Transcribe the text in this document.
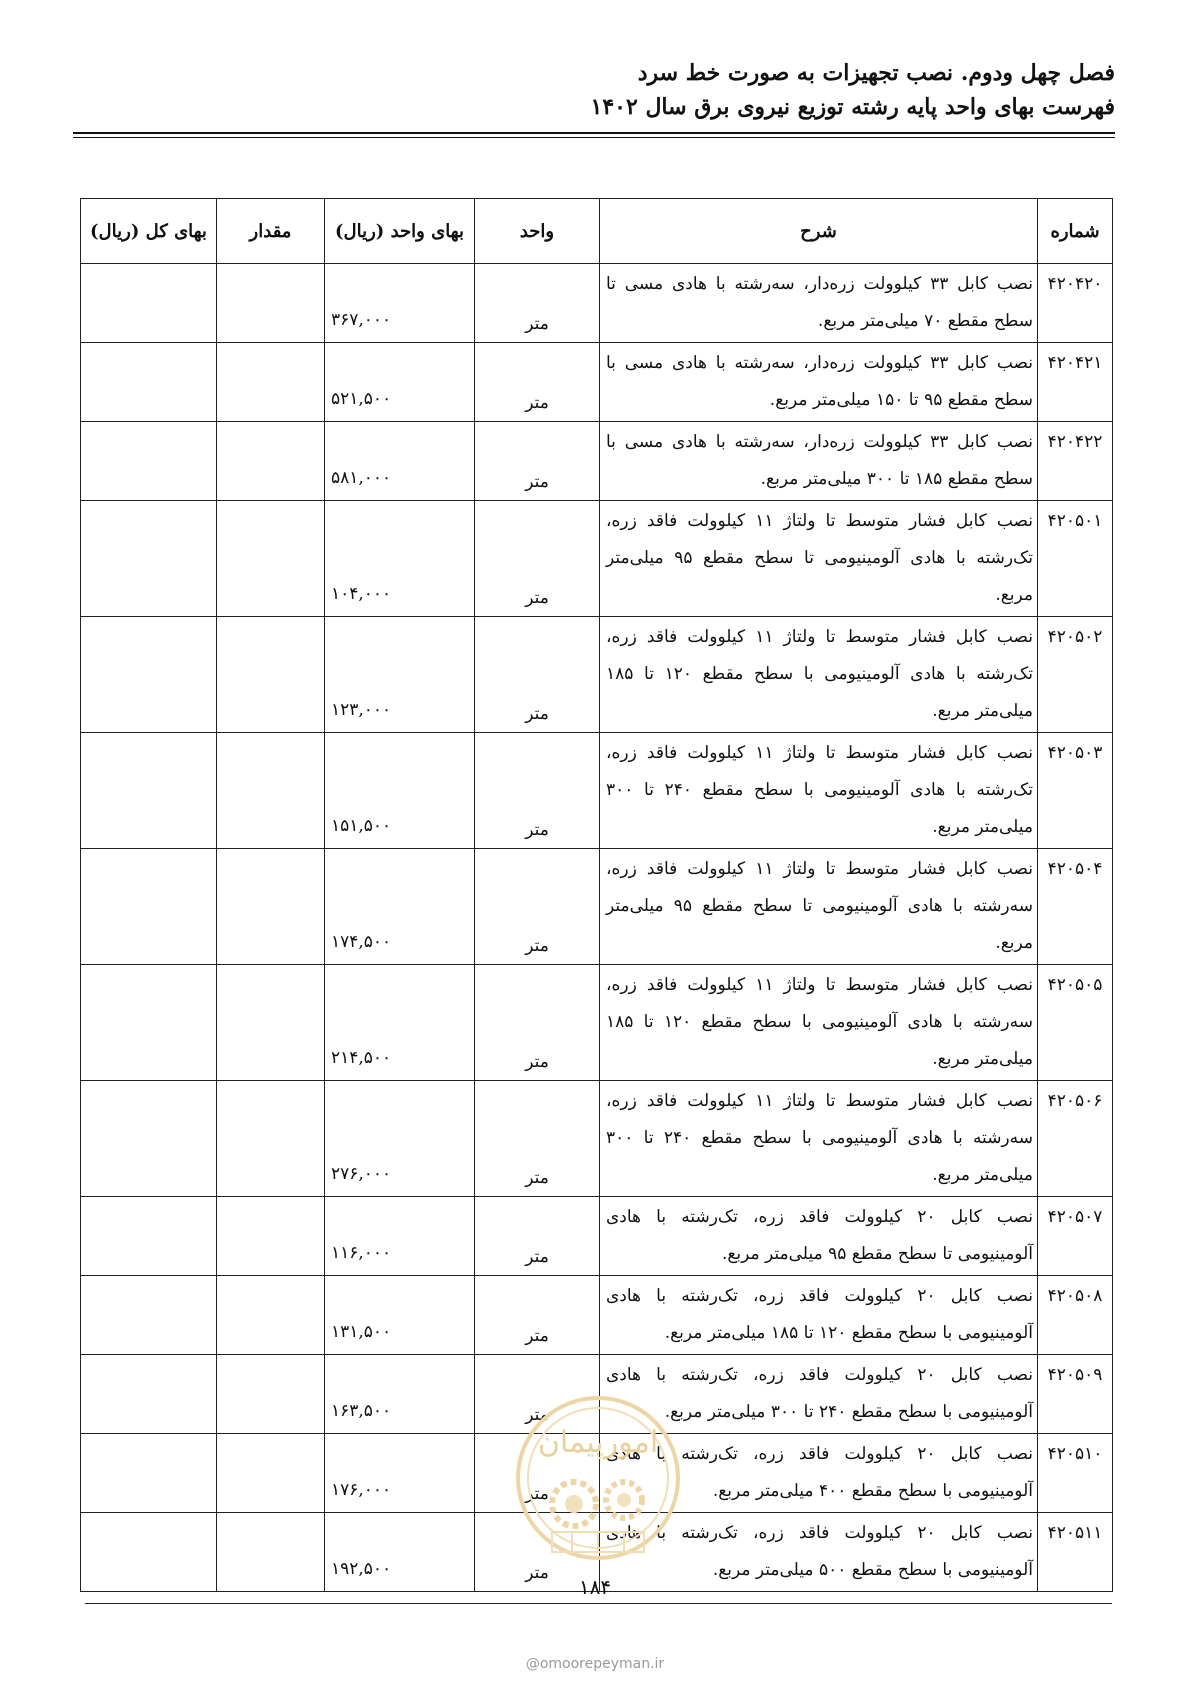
فصل چهل ودوم. نصب تجهیزات به صورت خط سرد
فهرست بهای واحد پایه رشته توزیع نیروی برق سال ۱۴۰۲
شماره	شرح	واحد	بهای واحد (ریال)	مقدار	بهای کل (ریال)
۴۲۰۴۲۰	نصب کابل ۳۳ کیلوولت زره‌دار، سه‌رشته با هادی مسی تا سطح مقطع ۷۰ میلی‌متر مربع.	متر	۳۶۷,۰۰۰		
۴۲۰۴۲۱	نصب کابل ۳۳ کیلوولت زره‌دار، سه‌رشته با هادی مسی با سطح مقطع ۹۵ تا ۱۵۰ میلی‌متر مربع.	متر	۵۲۱,۵۰۰		
۴۲۰۴۲۲	نصب کابل ۳۳ کیلوولت زره‌دار، سه‌رشته با هادی مسی با سطح مقطع ۱۸۵ تا ۳۰۰ میلی‌متر مربع.	متر	۵۸۱,۰۰۰		
۴۲۰۵۰۱	نصب کابل فشار متوسط تا ولتاژ ۱۱ کیلوولت فاقد زره، تک‌رشته با هادی آلومینیومی تا سطح مقطع ۹۵ میلی‌متر مربع.	متر	۱۰۴,۰۰۰		
۴۲۰۵۰۲	نصب کابل فشار متوسط تا ولتاژ ۱۱ کیلوولت فاقد زره، تک‌رشته با هادی آلومینیومی با سطح مقطع ۱۲۰ تا ۱۸۵ میلی‌متر مربع.	متر	۱۲۳,۰۰۰		
۴۲۰۵۰۳	نصب کابل فشار متوسط تا ولتاژ ۱۱ کیلوولت فاقد زره، تک‌رشته با هادی آلومینیومی با سطح مقطع ۲۴۰ تا ۳۰۰ میلی‌متر مربع.	متر	۱۵۱,۵۰۰		
۴۲۰۵۰۴	نصب کابل فشار متوسط تا ولتاژ ۱۱ کیلوولت فاقد زره، سه‌رشته با هادی آلومینیومی تا سطح مقطع ۹۵ میلی‌متر مربع.	متر	۱۷۴,۵۰۰		
۴۲۰۵۰۵	نصب کابل فشار متوسط تا ولتاژ ۱۱ کیلوولت فاقد زره، سه‌رشته با هادی آلومینیومی با سطح مقطع ۱۲۰ تا ۱۸۵ میلی‌متر مربع.	متر	۲۱۴,۵۰۰		
۴۲۰۵۰۶	نصب کابل فشار متوسط تا ولتاژ ۱۱ کیلوولت فاقد زره، سه‌رشته با هادی آلومینیومی با سطح مقطع ۲۴۰ تا ۳۰۰ میلی‌متر مربع.	متر	۲۷۶,۰۰۰		
۴۲۰۵۰۷	نصب کابل ۲۰ کیلوولت فاقد زره، تک‌رشته با هادی آلومینیومی تا سطح مقطع ۹۵ میلی‌متر مربع.	متر	۱۱۶,۰۰۰		
۴۲۰۵۰۸	نصب کابل ۲۰ کیلوولت فاقد زره، تک‌رشته با هادی آلومینیومی با سطح مقطع ۱۲۰ تا ۱۸۵ میلی‌متر مربع.	متر	۱۳۱,۵۰۰		
۴۲۰۵۰۹	نصب کابل ۲۰ کیلوولت فاقد زره، تک‌رشته با هادی آلومینیومی با سطح مقطع ۲۴۰ تا ۳۰۰ میلی‌متر مربع.	متر	۱۶۳,۵۰۰		
۴۲۰۵۱۰	نصب کابل ۲۰ کیلوولت فاقد زره، تک‌رشته با هادی آلومینیومی با سطح مقطع ۴۰۰ میلی‌متر مربع.	متر	۱۷۶,۰۰۰		
۴۲۰۵۱۱	نصب کابل ۲۰ کیلوولت فاقد زره، تک‌رشته با هادی آلومینیومی با سطح مقطع ۵۰۰ میلی‌متر مربع.	متر	۱۹۲,۵۰۰		
امورپیمان
۱۸۴
@omoorepeyman.ir
